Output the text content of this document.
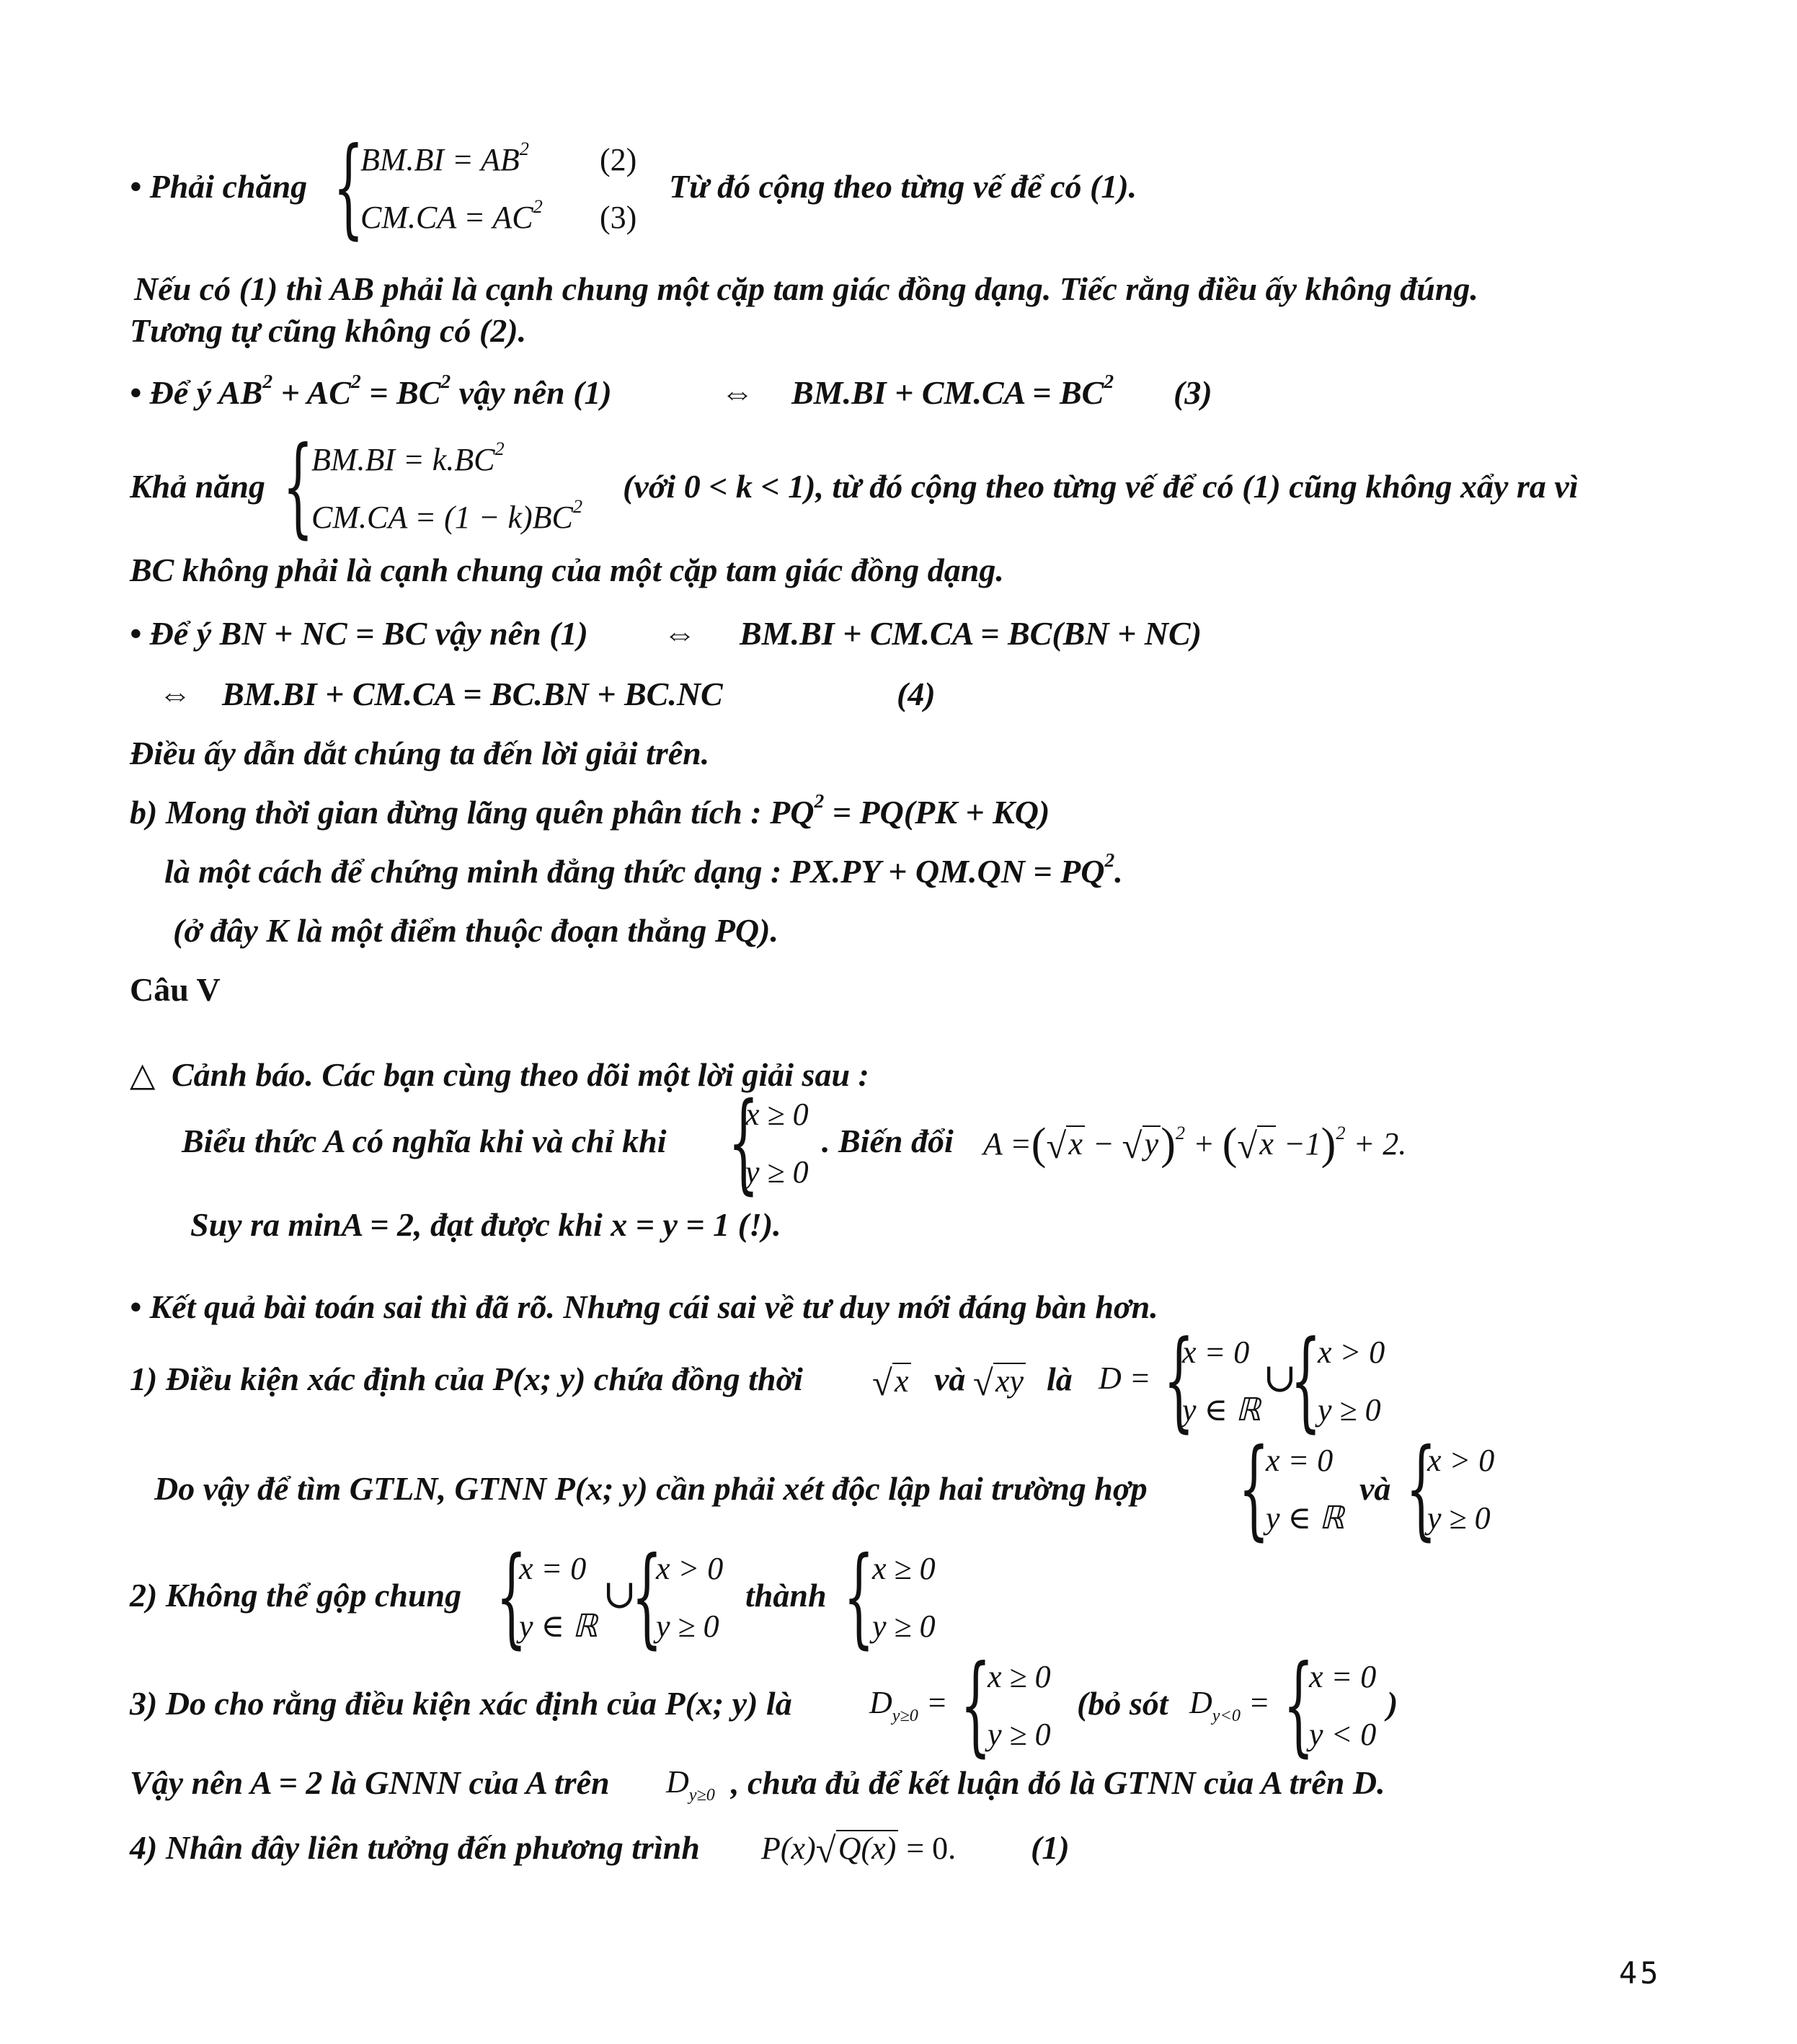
• Phải chăng {
$BM.BI = AB^2$ (2)
$CM.CA = AC^2$ (3)
Từ đó cộng theo từng vế để có (1).
Nếu có (1) thì AB phải là cạnh chung một cặp tam giác đồng dạng. Tiếc rằng điều ấy không đúng.
Tương tự cũng không có (2).
• Để ý $AB^2 + AC^2 = BC^2$ vậy nên (1)	⇔ $BM.BI + CM.CA = BC^2$ (3)
Khả năng {
$BM.BI = k.BC^2$
$CM.CA = (1 - k)BC^2$
(với 0 < k < 1), từ đó cộng theo từng vế để có (1) cũng không xẩy ra vì
BC không phải là cạnh chung của một cặp tam giác đồng dạng.
• Để ý BN + NC = BC vậy nên (1) ⇔ BM.BI + CM.CA = BC(BN + NC)
⇔ BM.BI + CM.CA = BC.BN + BC.NC	(4)
Điều ấy dẫn dắt chúng ta đến lời giải trên.
b) Mong thời gian đừng lãng quên phân tích : $PQ^2 = PQ(PK + KQ)$
là một cách để chứng minh đẳng thức dạng : $PX.PY + QM.QN = PQ^2$.
(ở đây K là một điểm thuộc đoạn thẳng PQ).
Câu V
△ Cảnh báo. Các bạn cùng theo dõi một lời giải sau :
Biểu thức A có nghĩa khi và chỉ khi {
x ≥ 0
y ≥ 0
. Biến đổi A =( √ x − √ y)$^2$ + ( √ x −1)$^2$ + 2.
Suy ra minA = 2, đạt được khi x = y = 1 (!).
• Kết quả bài toán sai thì đã rõ. Nhưng cái sai về tư duy mới đáng bàn hơn.
1) Điều kiện xác định của P(x; y) chứa đồng thời √ x và √ xy là D = {
x = 0
y ∈ ℝ
∪
{
x > 0
y ≥ 0
Do vậy để tìm GTLN, GTNN P(x; y) cần phải xét độc lập hai trường hợp {
x = 0
y ∈ ℝ
và {
x > 0
y ≥ 0
2) Không thể gộp chung {
x = 0
y ∈ ℝ
∪
{
x > 0
y ≥ 0
thành {
x ≥ 0
y ≥ 0
3) Do cho rằng điều kiện xác định của P(x; y) là $D_{y\ge 0}$ = {
x ≥ 0
y ≥ 0
(bỏ sót $D_{y<0}$ = {
x = 0
y < 0
)
Vậy nên A = 2 là GNNN của A trên $D_{y\ge 0}$ , chưa đủ để kết luận đó là GTNN của A trên D.
4) Nhân đây liên tưởng đến phương trình P(x) √ Q(x) = 0. (1)
45
